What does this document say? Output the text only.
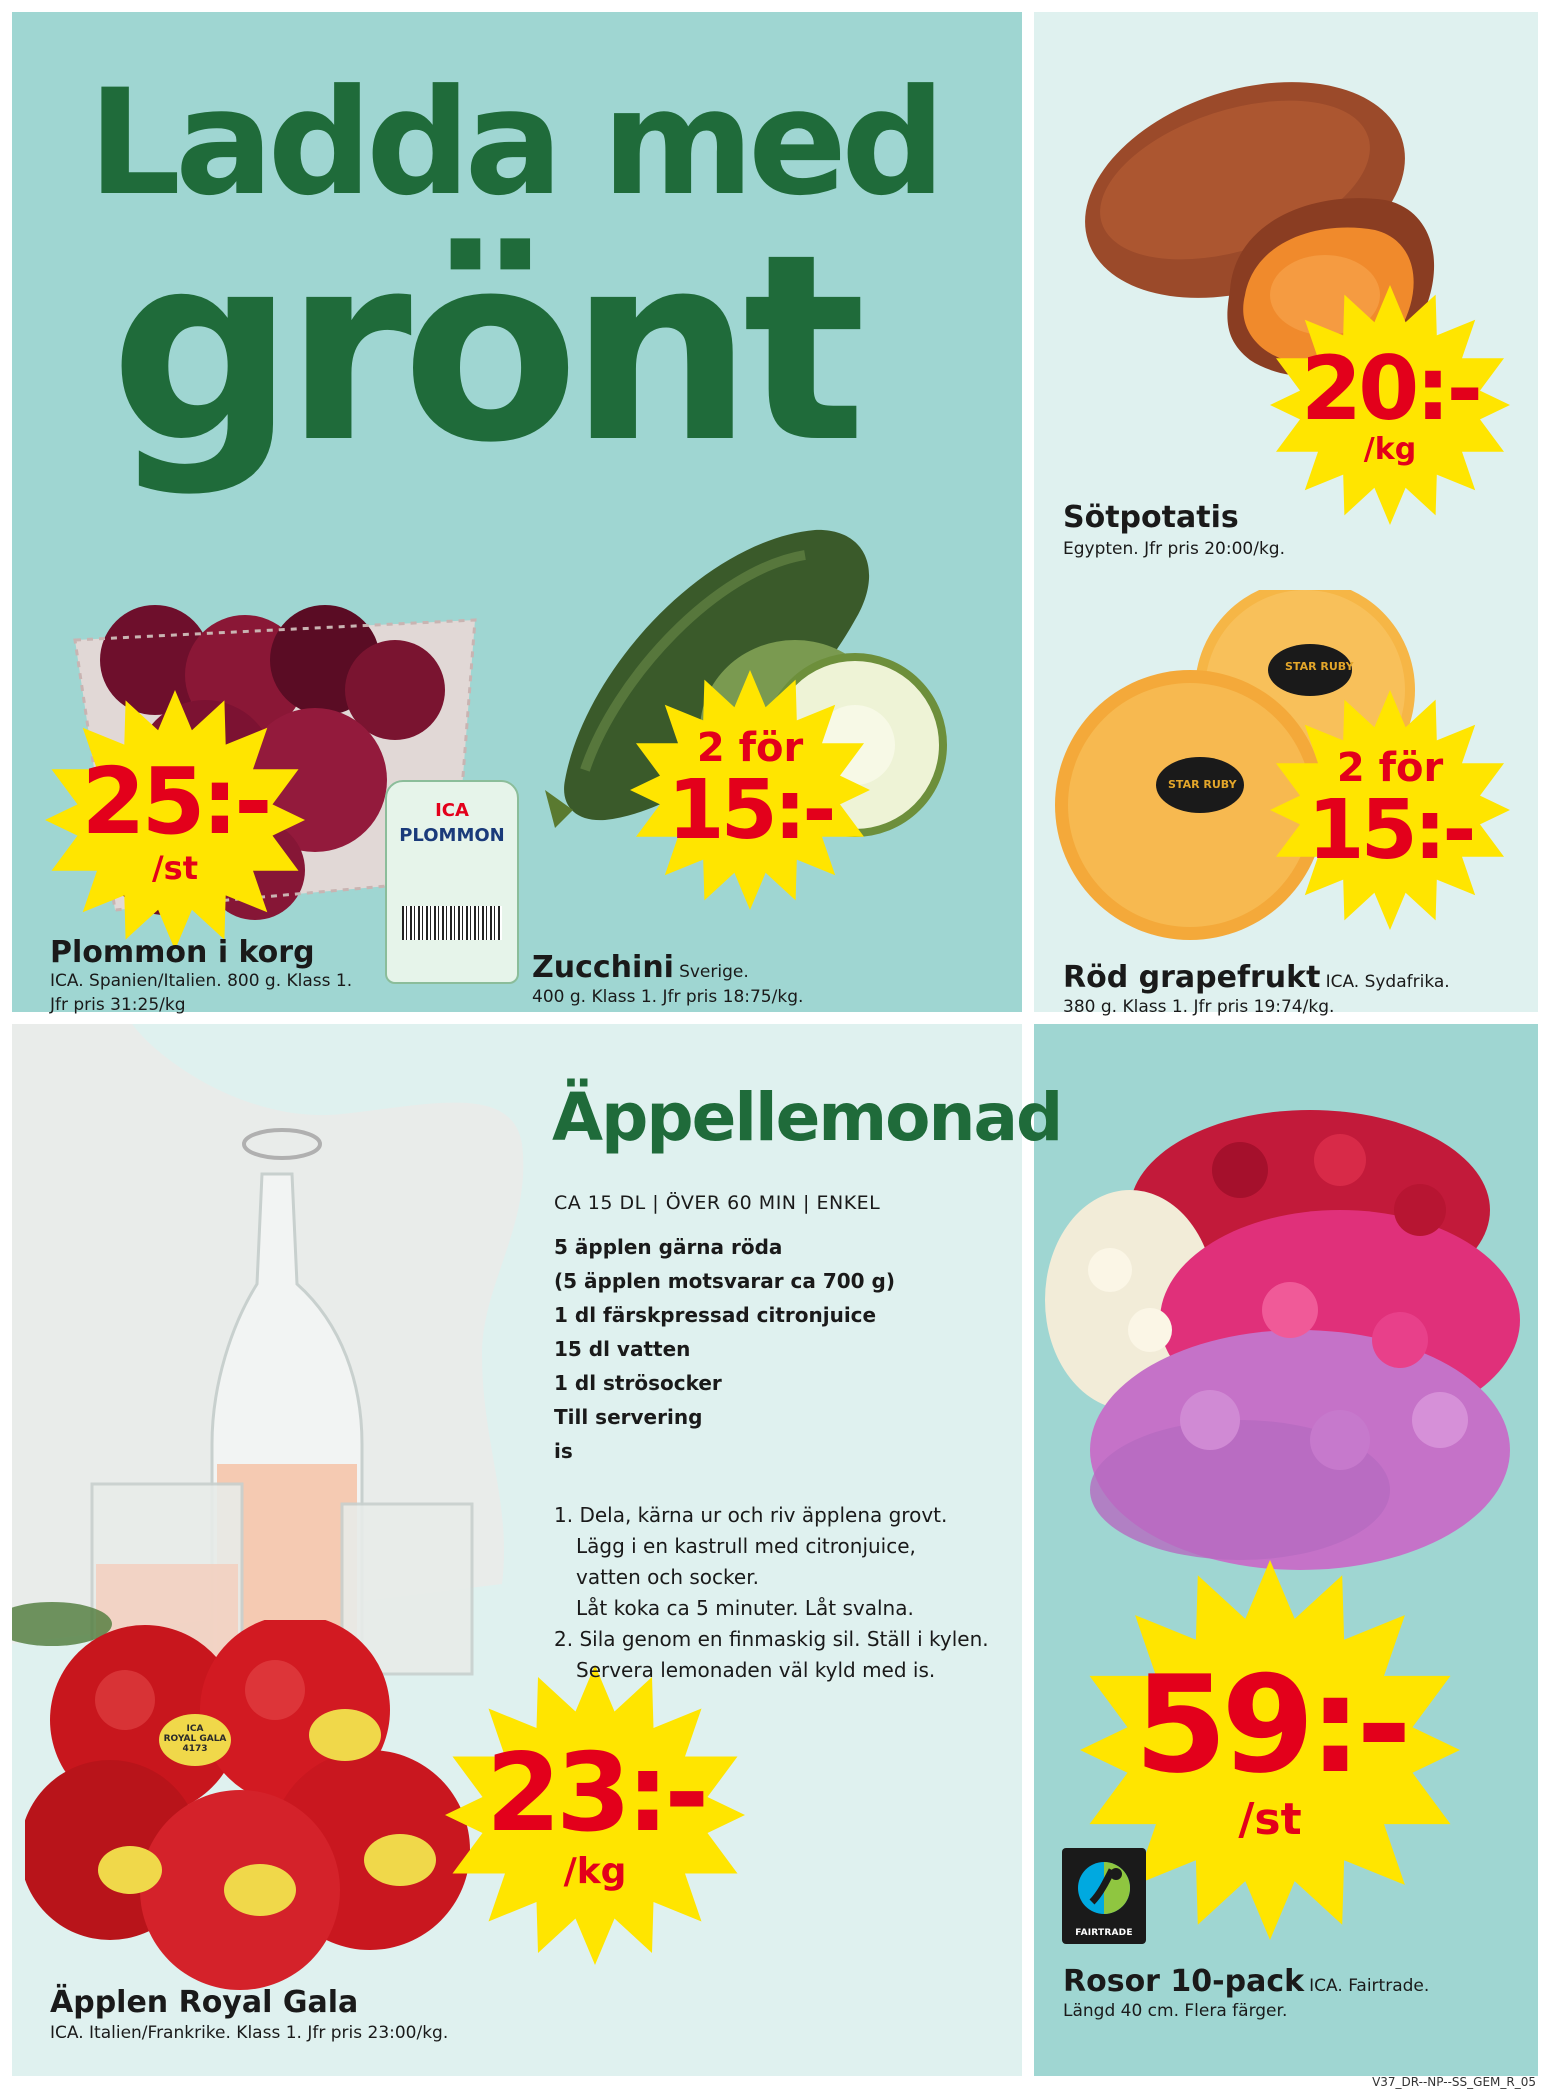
Ladda med
grönt	20:-
/kg
Sötpotatis
Egypten. Jfr pris 20:00/kg.
ICA
PLOMMON
25:-
/st
Plommon i korg
ICA. Spanien/Italien. 800 g. Klass 1.
Jfr pris 31:25/kg
2 för
15:-
Zucchini Sverige.
400 g. Klass 1. Jfr pris 18:75/kg.
STAR RUBY
STAR RUBY	2 för
15:-
Röd grapefrukt ICA. Sydafrika.
380 g. Klass 1. Jfr pris 19:74/kg.
ICA
ROYAL GALA
4173	23:-
/kg
Äpplen Royal Gala
ICA. Italien/Frankrike. Klass 1. Jfr pris 23:00/kg.
Äppellemonad
CA 15 DL | ÖVER 60 MIN | ENKEL
5 äpplen gärna röda
(5 äpplen motsvarar ca 700 g)
1 dl färskpressad citronjuice
15 dl vatten
1 dl strösocker
Till servering
is
1. Dela, kärna ur och riv äpplena grovt.
Lägg i en kastrull med citronjuice,
vatten och socker.
Låt koka ca 5 minuter. Låt svalna.
2. Sila genom en finmaskig sil. Ställ i kylen.
Servera lemonaden väl kyld med is.	59:-
/st
FAIRTRADE
Rosor 10-pack ICA. Fairtrade.
Längd 40 cm. Flera färger.
V37_DR--NP--SS_GEM_R_05
